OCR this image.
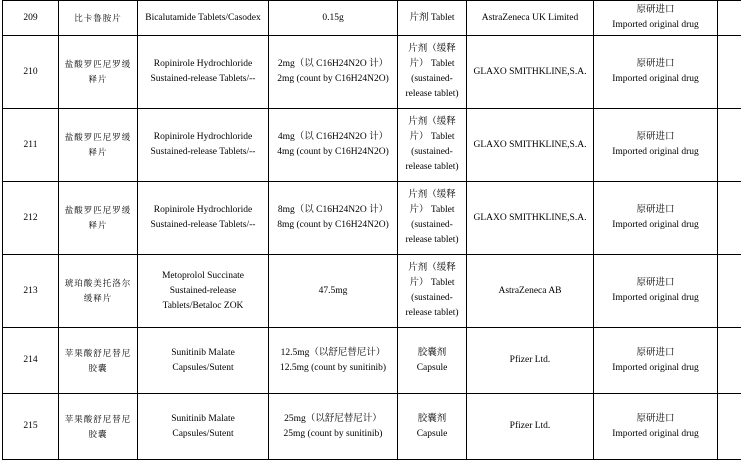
209	比卡鲁胺片	Bicalutamide Tablets/Casodex	0.15g	片剂 Tablet	AstraZeneca UK Limited	原研进口
Imported original drug	

210	盐酸罗匹尼罗缓释片	Ropinirole Hydrochloride Sustained-release Tablets/--	2mg（以 C16H24N2O 计） 2mg (count by C16H24N2O)	片剂（缓释片） Tablet (sustained-release tablet)	GLAXO SMITHKLINE,S.A.	原研进口
Imported original drug	

211	盐酸罗匹尼罗缓释片	Ropinirole Hydrochloride Sustained-release Tablets/--	4mg（以 C16H24N2O 计） 4mg (count by C16H24N2O)	片剂（缓释片） Tablet (sustained-release tablet)	GLAXO SMITHKLINE,S.A.	原研进口
Imported original drug	

212	盐酸罗匹尼罗缓释片	Ropinirole Hydrochloride Sustained-release Tablets/--	8mg（以 C16H24N2O 计） 8mg (count by C16H24N2O)	片剂（缓释片） Tablet (sustained-release tablet)	GLAXO SMITHKLINE,S.A.	原研进口
Imported original drug	

213	琥珀酸美托洛尔缓释片	Metoprolol Succinate Sustained-release Tablets/Betaloc ZOK	47.5mg	片剂（缓释片） Tablet (sustained-release tablet)	AstraZeneca AB	原研进口
Imported original drug	

214	苹果酸舒尼替尼胶囊	Sunitinib Malate Capsules/Sutent	12.5mg（以舒尼替尼计） 12.5mg (count by sunitinib)	胶囊剂 Capsule	Pfizer Ltd.	原研进口
Imported original drug	

215	苹果酸舒尼替尼胶囊	Sunitinib Malate Capsules/Sutent	25mg（以舒尼替尼计） 25mg (count by sunitinib)	胶囊剂 Capsule	Pfizer Ltd.	原研进口
Imported original drug	
